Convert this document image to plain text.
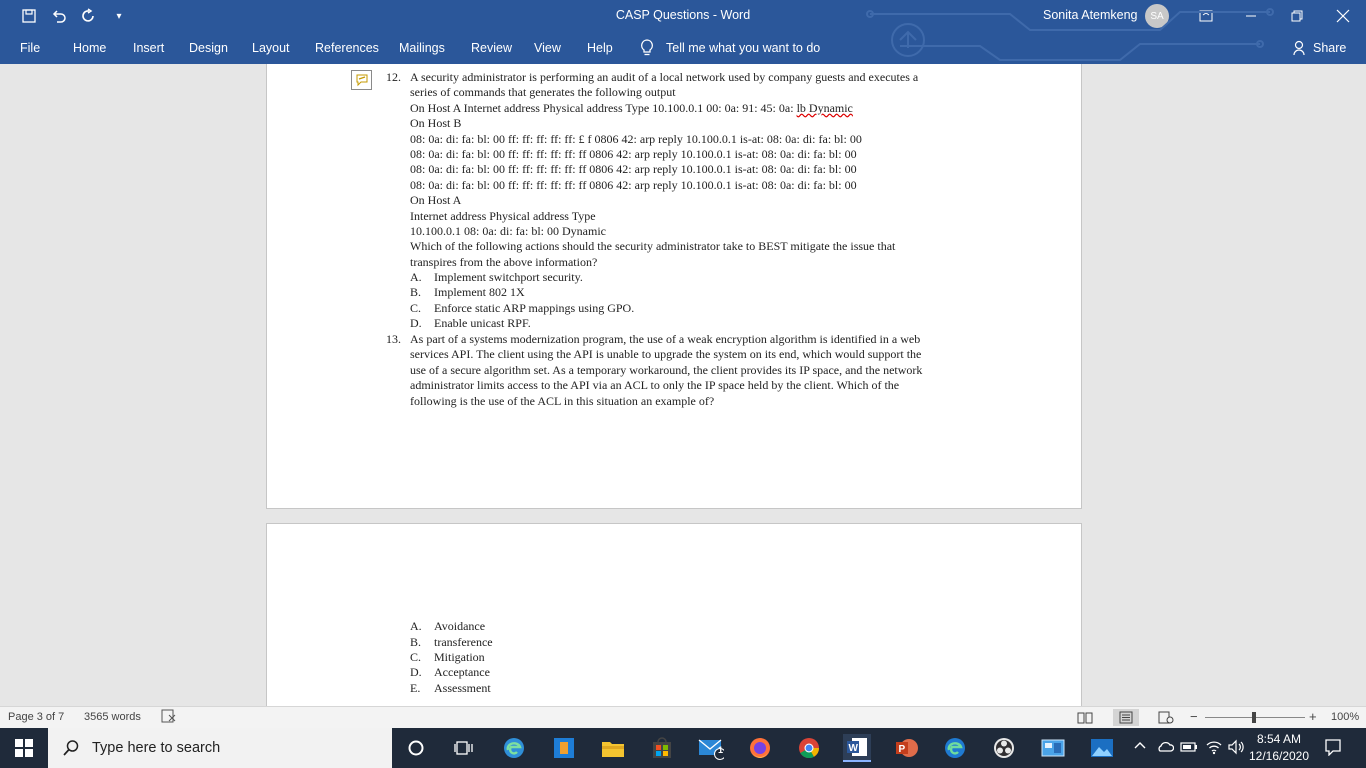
▾	CASP Questions - Word	Sonita Atemkeng	SA
File	Home Insert Design Layout References Mailings Review View Help	Tell me what you want to do	Share
12. A security administrator is performing an audit of a local network used by company guests and executes a
series of commands that generates the following output
On Host A Internet address Physical address Type 10.100.0.1 00: 0a: 91: 45: 0a: lb Dynamic
On Host B
08: 0a: di: fa: bl: 00 ff: ff: ff: ff: ff: £ f 0806 42: arp reply 10.100.0.1 is-at: 08: 0a: di: fa: bl: 00
08: 0a: di: fa: bl: 00 ff: ff: ff: ff: ff: ff 0806 42: arp reply 10.100.0.1 is-at: 08: 0a: di: fa: bl: 00
08: 0a: di: fa: bl: 00 ff: ff: ff: ff: ff: ff 0806 42: arp reply 10.100.0.1 is-at: 08: 0a: di: fa: bl: 00
08: 0a: di: fa: bl: 00 ff: ff: ff: ff: ff: ff 0806 42: arp reply 10.100.0.1 is-at: 08: 0a: di: fa: bl: 00
On Host A
Internet address Physical address Type
10.100.0.1 08: 0a: di: fa: bl: 00 Dynamic
Which of the following actions should the security administrator take to BEST mitigate the issue that
transpires from the above information?
A. Implement switchport security.
B. Implement 802 1X
C. Enforce static ARP mappings using GPO.
D. Enable unicast RPF.
13. As part of a systems modernization program, the use of a weak encryption algorithm is identified in a web
services API. The client using the API is unable to upgrade the system on its end, which would support the
use of a secure algorithm set. As a temporary workaround, the client provides its IP space, and the network
administrator limits access to the API via an ACL to only the IP space held by the client. Which of the
following is the use of the ACL in this situation an example of?
A. Avoidance
B. transference
C. Mitigation
D. Acceptance
E. Assessment
Page 3 of 7 3565 words	−	+ 100%
Type here to search	1	W	P
8:54 AM
12/16/2020
